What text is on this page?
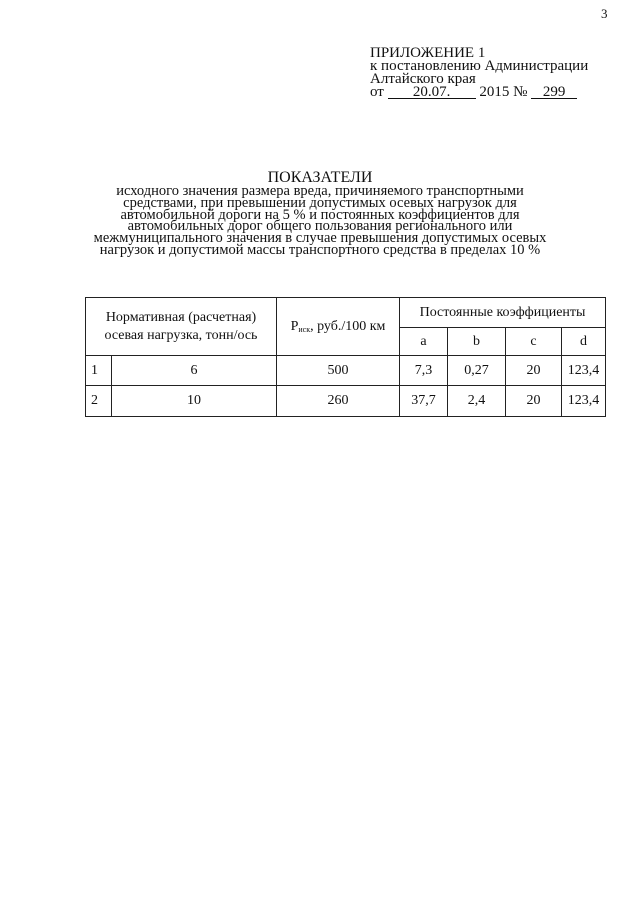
3
ПРИЛОЖЕНИЕ 1
к постановлению Администрации
Алтайского края
от 20.07. 2015 № 299
ПОКАЗАТЕЛИ
исходного значения размера вреда, причиняемого транспортными
средствами, при превышении допустимых осевых нагрузок для
автомобильной дороги на 5 % и постоянных коэффициентов для
автомобильных дорог общего пользования регионального или
межмуниципального значения в случае превышения допустимых осевых
нагрузок и допустимой массы транспортного средства в пределах 10 %
Нормативная (расчетная) осевая нагрузка, тонн/ось		Pиск, руб./100 км	Постоянные коэффициенты			
			a	b	c	d
1	6	500	7,3	0,27	20	123,4
2	10	260	37,7	2,4	20	123,4
